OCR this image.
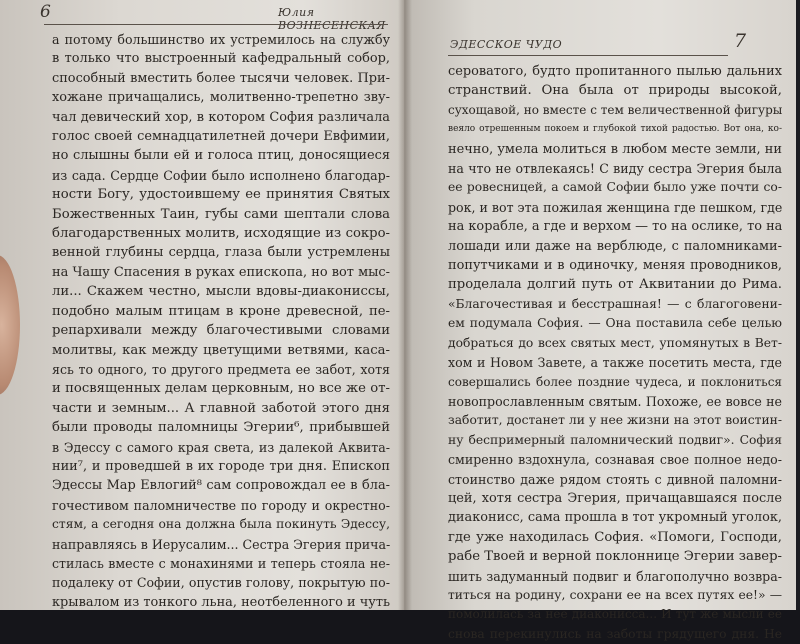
6	Юлия ВОЗНЕСЕНСКАЯ
а потому большинство их устремилось на службу
в только что выстроенный кафедральный собор,
способный вместить более тысячи человек. При-
хожане причащались, молитвенно-трепетно зву-
чал девический хор, в котором София различала
голос своей семнадцатилетней дочери Евфимии,
но слышны были ей и голоса птиц, доносящиеся
из сада. Сердце Софии было исполнено благодар-
ности Богу, удостоившему ее принятия Святых
Божественных Таин, губы сами шептали слова
благодарственных молитв, исходящие из сокро-
венной глубины сердца, глаза были устремлены
на Чашу Спасения в руках епископа, но вот мыс-
ли... Скажем честно, мысли вдовы-диаконисcы,
подобно малым птицам в кроне древесной, пе-
репархивали между благочестивыми словами
молитвы, как между цветущими ветвями, касa-
ясь то одного, то другого предмета ее забот, хотя
и посвященных делам церковным, но все же от-
части и земным... А главной заботой этого дня
были проводы паломницы Эгерии⁶, прибывшей
в Эдессу с самого края света, из далекой Аквита-
нии⁷, и проведшей в их городе три дня. Епископ
Эдессы Мар Евлогий⁸ сам сопровождал ее в бла-
гочестивом паломничестве по городу и окрестно-
стям, а сегодня она должна была покинуть Эдессу,
направляясь в Иерусалим... Сестра Эгерия прича-
стилась вместе с монахинями и теперь стояла не-
подалеку от Софии, опустив голову, покрытую по-
крывалом из тонкого льна, неотбеленного и чуть
ЭДЕССКОЕ ЧУДО	7
сероватого, будто пропитанного пылью дальних
странствий. Она была от природы высокой,
сухощавой, но вместе с тем величественной фигуры
веяло отрешенным покоем и глубокой тихой радостью. Вот она, ко-
нечно, умела молиться в любом месте земли, ни
на что не отвлекаясь! С виду сестра Эгерия была
ее ровесницей, а самой Софии было уже почти со-
рок, и вот эта пожилая женщина где пешком, где
на корабле, а где и верхом — то на ослике, то на
лошади или даже на верблюде, с паломниками-
попутчиками и в одиночку, меняя проводников,
проделала долгий путь от Аквитании до Рима.
«Благочестивая и бесстрашная! — с благоговени-
ем подумала София. — Она поставила себе целью
добраться до всех святых мест, упомянутых в Вет-
хом и Новом Завете, а также посетить места, где
совершались более поздние чудеса, и поклониться
новопрославленным святым. Похоже, ее вовсе не
заботит, достанет ли у нее жизни на этот воистин-
ну беспримерный паломнический подвиг». София
смиренно вздохнула, сознавая свое полное недо-
стоинство даже рядом стоять с дивной паломни-
цей, хотя сестра Эгерия, причащавшаяся после
диаконисс, сама прошла в тот укромный уголок,
где уже находилась София. «Помоги, Господи,
рабе Твоей и верной поклоннице Эгерии завер-
шить задуманный подвиг и благополучно возвра-
титься на родину, сохрани ее на всех путях ее!» —
помолилась за нее диаконисса... И тут же мысли ее
снова перекинулись на заботы грядущего дня. Не
